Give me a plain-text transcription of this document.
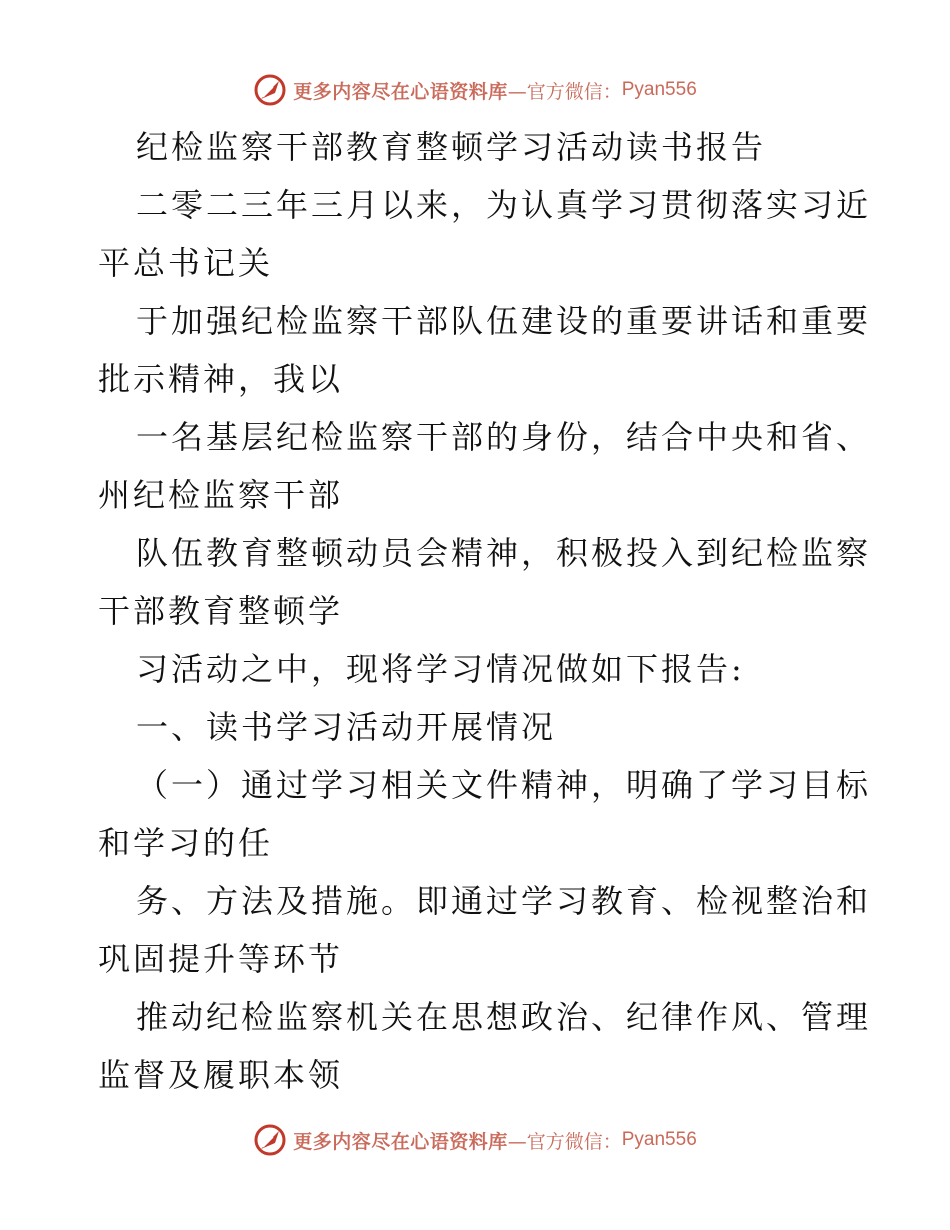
更多内容尽在心语资料库 —官方微信： Pyan556
纪检监察干部教育整顿学习活动读书报告
二零二三年三月以来，为认真学习贯彻落实习近
平总书记关
于加强纪检监察干部队伍建设的重要讲话和重要
批示精神，我以
一名基层纪检监察干部的身份，结合中央和省、
州纪检监察干部
队伍教育整顿动员会精神，积极投入到纪检监察
干部教育整顿学
习活动之中，现将学习情况做如下报告:
一、读书学习活动开展情况
（一）通过学习相关文件精神，明确了学习目标
和学习的任
务、方法及措施。即通过学习教育、检视整治和
巩固提升等环节
推动纪检监察机关在思想政治、纪律作风、管理
监督及履职本领
更多内容尽在心语资料库 —官方微信： Pyan556
